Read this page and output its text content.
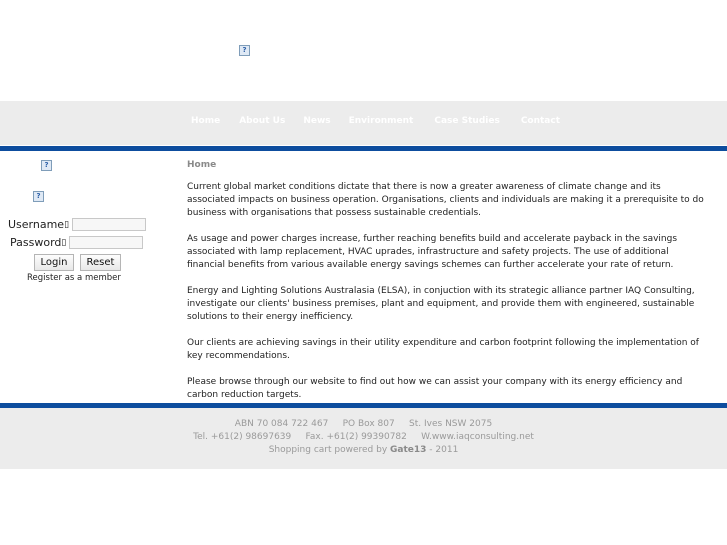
?
Home About Us News Environment Case Studies Contact
?
?
Username ▯
Password ▯
Login	Reset
Register as a member
Home

Current global market conditions dictate that there is now a greater awareness of climate change and its associated impacts on business operation. Organisations, clients and individuals are making it a prerequisite to do business with organisations that possess sustainable credentials.

As usage and power charges increase, further reaching benefits build and accelerate payback in the savings associated with lamp replacement, HVAC uprades, infrastructure and safety projects. The use of additional financial benefits from various available energy savings schemes can further accelerate your rate of return.

Energy and Lighting Solutions Australasia (ELSA), in conjuction with its strategic alliance partner IAQ Consulting, investigate our clients' business premises, plant and equipment, and provide them with engineered, sustainable solutions to their energy inefficiency.

Our clients are achieving savings in their utility expenditure and carbon footprint following the implementation of key recommendations.

Please browse through our website to find out how we can assist your company with its energy efficiency and carbon reduction targets.

ABN 70 084 722 467     PO Box 807     St. Ives NSW 2075
Tel. +61(2) 98697639     Fax. +61(2) 99390782     W.www.iaqconsulting.net
Shopping cart powered by Gate13 - 2011
